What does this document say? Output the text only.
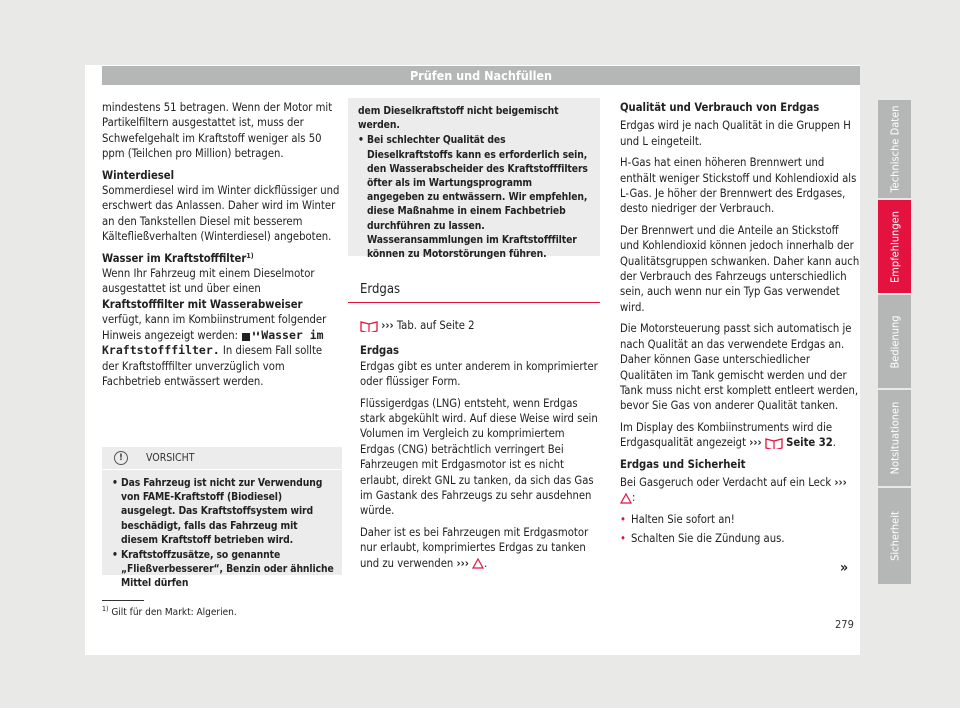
Prüfen und Nachfüllen

mindestens 51 betragen. Wenn der Motor mit Partikelfiltern ausgestattet ist, muss der Schwefelgehalt im Kraftstoff weniger als 50 ppm (Teilchen pro Million) betragen.

Winterdiesel

Sommerdiesel wird im Winter dickflüssiger und erschwert das Anlassen. Daher wird im Winter an den Tankstellen Diesel mit besserem Kältefließverhalten (Winterdiesel) angeboten.

Wasser im Kraftstofffilter$^{1)}$

Wenn Ihr Fahrzeug mit einem Dieselmotor ausgestattet ist und über einen Kraftstofffilter mit Wasserabweiser verfügt, kann im Kombiinstrument folgender Hinweis angezeigt werden: Wasser im Kraftstofffilter. In diesem Fall sollte der Kraftstofffilter unverzüglich vom Fachbetrieb entwässert werden.

!	VORSICHT
• Das Fahrzeug ist nicht zur Verwendung von FAME-Kraftstoff (Biodiesel) ausgelegt. Das Kraftstoffsystem wird beschädigt, falls das Fahrzeug mit diesem Kraftstoff betrieben wird.
• Kraftstoffzusätze, so genannte „Fließverbesserer“, Benzin oder ähnliche Mittel dürfen
dem Dieselkraftstoff nicht beigemischt werden.
• Bei schlechter Qualität des Dieselkraftstoffs kann es erforderlich sein, den Wasserabscheider des Kraftstofffilters öfter als im Wartungsprogramm angegeben zu entwässern. Wir empfehlen, diese Maßnahme in einem Fachbetrieb durchführen zu lassen. Wasseransammlungen im Kraftstofffilter können zu Motorstörungen führen.
Erdgas

››› Tab. auf Seite 2

Erdgas

Erdgas gibt es unter anderem in komprimierter oder flüssiger Form.

Flüssigerdgas (LNG) entsteht, wenn Erdgas stark abgekühlt wird. Auf diese Weise wird sein Volumen im Vergleich zu komprimiertem Erdgas (CNG) beträchtlich verringert Bei Fahrzeugen mit Erdgasmotor ist es nicht erlaubt, direkt GNL zu tanken, da sich das Gas im Gastank des Fahrzeugs zu sehr ausdehnen würde.

Daher ist es bei Fahrzeugen mit Erdgasmotor nur erlaubt, komprimiertes Erdgas zu tanken und zu verwenden ››› .

Qualität und Verbrauch von Erdgas

Erdgas wird je nach Qualität in die Gruppen H und L eingeteilt.

H-Gas hat einen höheren Brennwert und enthält weniger Stickstoff und Kohlendioxid als L-Gas. Je höher der Brennwert des Erdgases, desto niedriger der Verbrauch.

Der Brennwert und die Anteile an Stickstoff und Kohlendioxid können jedoch innerhalb der Qualitätsgruppen schwanken. Daher kann auch der Verbrauch des Fahrzeugs unterschiedlich sein, auch wenn nur ein Typ Gas verwendet wird.

Die Motorsteuerung passt sich automatisch je nach Qualität an das verwendete Erdgas an. Daher können Gase unterschiedlicher Qualitäten im Tank gemischt werden und der Tank muss nicht erst komplett entleert werden, bevor Sie Gas von anderer Qualität tanken.

Im Display des Kombiinstruments wird die Erdgasqualität angezeigt ››› Seite 32.

Erdgas und Sicherheit

Bei Gasgeruch oder Verdacht auf ein Leck ››› :

• Halten Sie sofort an!
• Schalten Sie die Zündung aus.
»
Technische Daten
Empfehlungen
Bedienung
Notsituationen
Sicherheit
$^{1)}$ Gilt für den Markt: Algerien.
279
